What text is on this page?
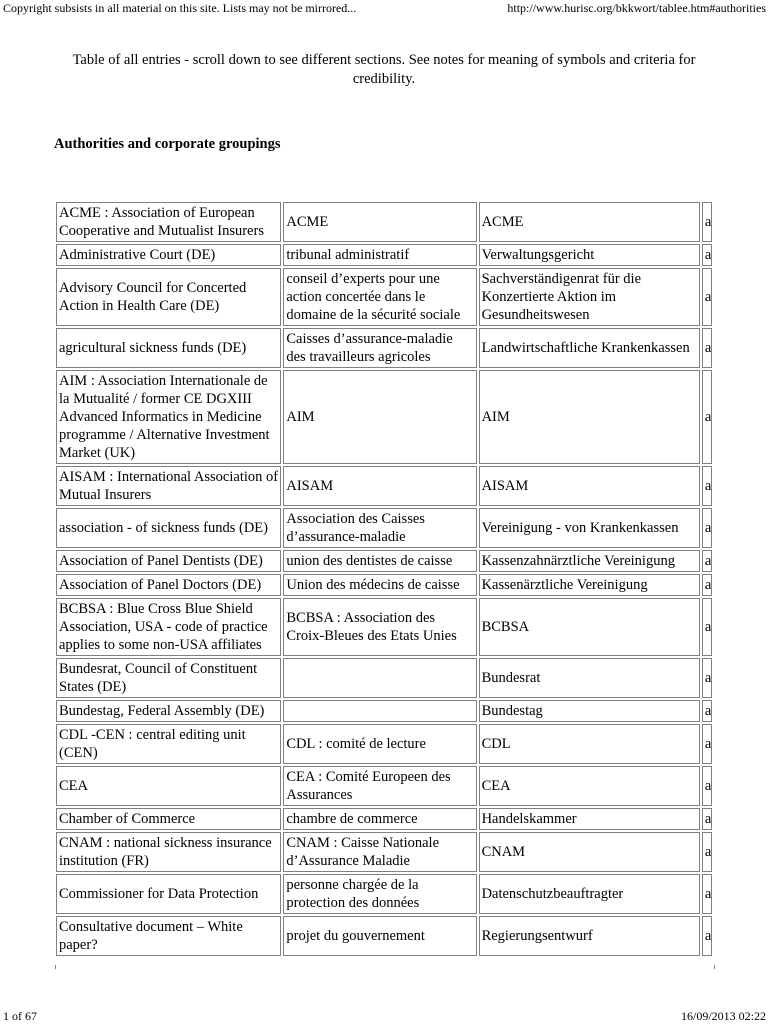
Copyright subsists in all material on this site. Lists may not be mirrored...	http://www.hurisc.org/bkkwort/tablee.htm#authorities
Table of all entries - scroll down to see different sections. See notes for meaning of symbols and criteria for credibility.
Authorities and corporate groupings
ACME : Association of European Cooperative and Mutualist Insurers	ACME	ACME	a
Administrative Court (DE)	tribunal administratif	Verwaltungsgericht	a
Advisory Council for Concerted Action in Health Care (DE)	conseil d’experts pour une action concertée dans le domaine de la sécurité sociale	Sachverständigenrat für die Konzertierte Aktion im Gesundheitswesen	a
agricultural sickness funds (DE)	Caisses d’assurance-maladie des travailleurs agricoles	Landwirtschaftliche Krankenkassen	a
AIM : Association Internationale de la Mutualité / former CE DGXIII Advanced Informatics in Medicine programme / Alternative Investment Market (UK)	AIM	AIM	a
AISAM : International Association of Mutual Insurers	AISAM	AISAM	a
association - of sickness funds (DE)	Association des Caisses d’assurance-maladie	Vereinigung - von Krankenkassen	a
Association of Panel Dentists (DE)	union des dentistes de caisse	Kassenzahnärztliche Vereinigung	a
Association of Panel Doctors (DE)	Union des médecins de caisse	Kassenärztliche Vereinigung	a
BCBSA : Blue Cross Blue Shield Association, USA - code of practice applies to some non-USA affiliates	BCBSA : Association des Croix-Bleues des Etats Unies	BCBSA	a
Bundesrat, Council of Constituent States (DE)		Bundesrat	a
Bundestag, Federal Assembly (DE)		Bundestag	a
CDL -CEN : central editing unit (CEN)	CDL : comité de lecture	CDL	a
CEA	CEA : Comité Europeen des Assurances	CEA	a
Chamber of Commerce	chambre de commerce	Handelskammer	a
CNAM : national sickness insurance institution (FR)	CNAM : Caisse Nationale d’Assurance Maladie	CNAM	a
Commissioner for Data Protection	personne chargée de la protection des données	Datenschutzbeauftragter	a
Consultative document – White paper?	projet du gouvernement	Regierungsentwurf	a
1 of 67	16/09/2013 02:22
